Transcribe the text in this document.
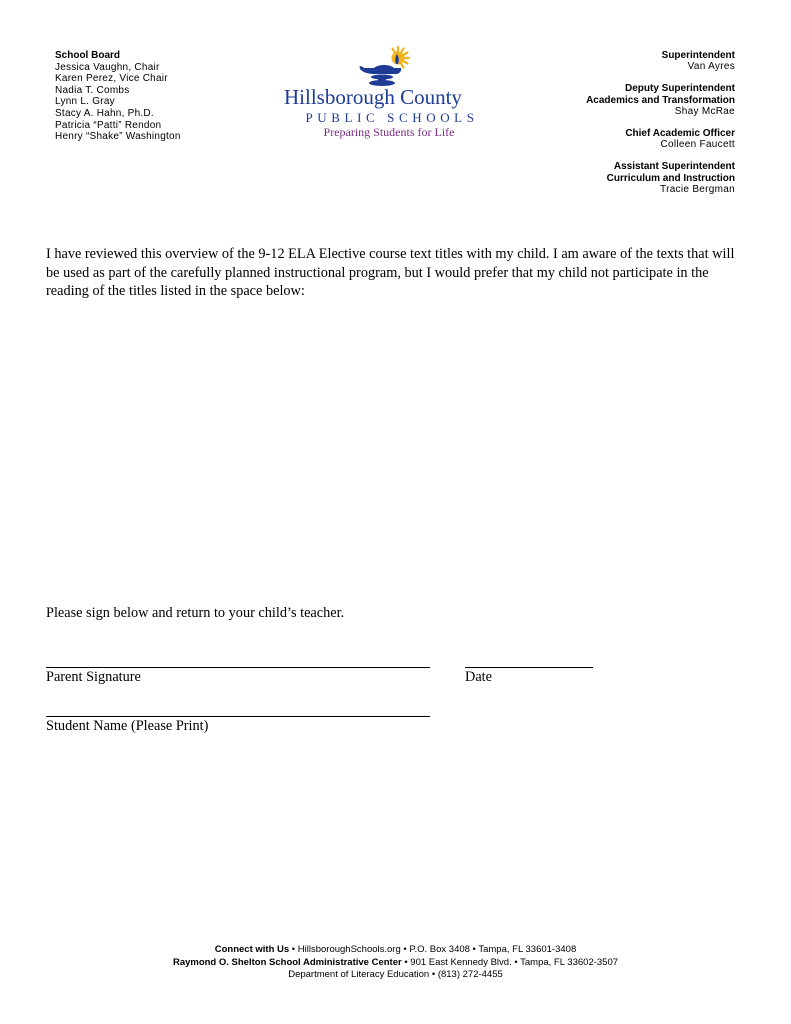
School Board
Jessica Vaughn, Chair
Karen Perez, Vice Chair
Nadia T. Combs
Lynn L. Gray
Stacy A. Hahn, Ph.D.
Patricia “Patti” Rendon
Henry “Shake” Washington
Hillsborough County
PUBLIC SCHOOLS
Preparing Students for Life
Superintendent
Van Ayres
Deputy Superintendent
Academics and Transformation
Shay McRae
Chief Academic Officer
Colleen Faucett
Assistant Superintendent
Curriculum and Instruction
Tracie Bergman
I have reviewed this overview of the 9-12 ELA Elective course text titles with my child. I am aware of the texts that will be used as part of the carefully planned instructional program, but I would prefer that my child not participate in the reading of the titles listed in the space below:
Please sign below and return to your child’s teacher.
Parent Signature	Date
Student Name (Please Print)
Connect with Us • HillsboroughSchools.org • P.O. Box 3408 • Tampa, FL 33601-3408
Raymond O. Shelton School Administrative Center • 901 East Kennedy Blvd. • Tampa, FL 33602-3507
Department of Literacy Education • (813) 272-4455
